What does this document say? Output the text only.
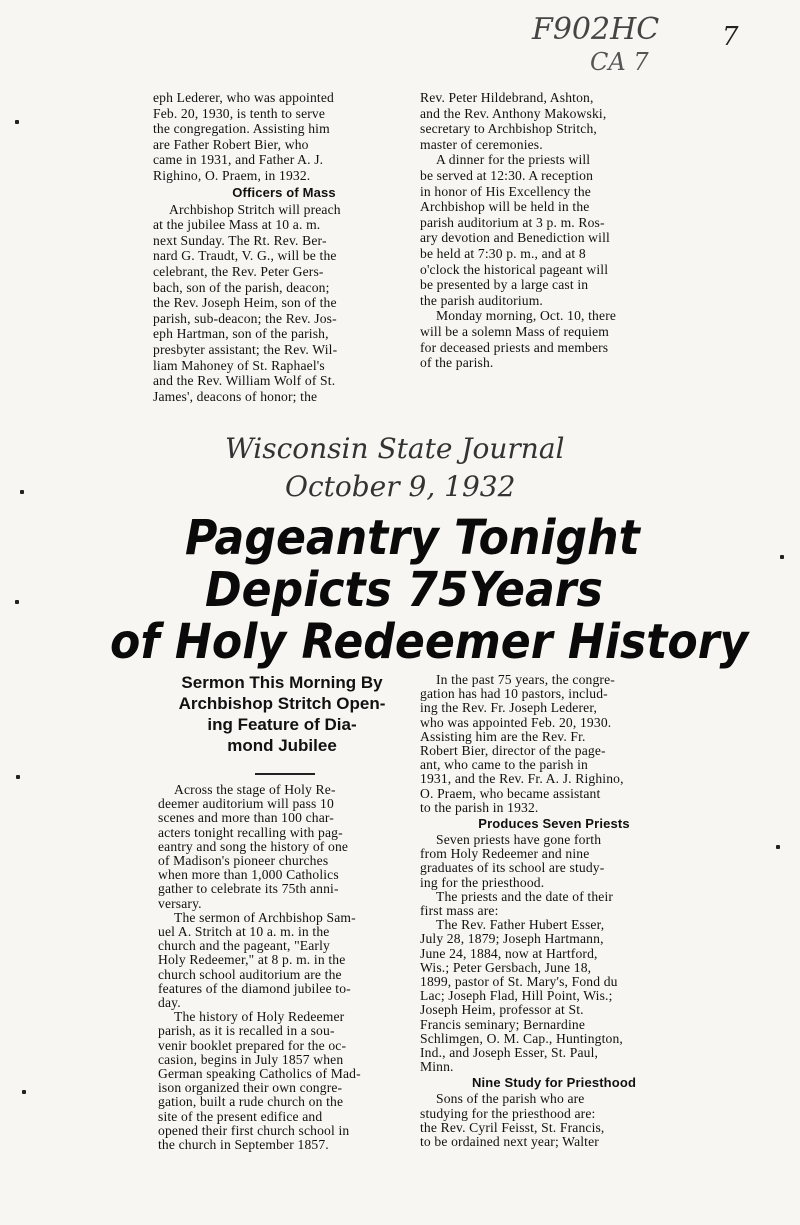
F902HC
CA 7
7

eph Lederer, who was appointed

Feb. 20, 1930, is tenth to serve

the congregation. Assisting him

are Father Robert Bier, who

came in 1931, and Father A. J.

Righino, O. Praem, in 1932.

Officers of Mass

Archbishop Stritch will preach

at the jubilee Mass at 10 a. m.

next Sunday. The Rt. Rev. Ber-

nard G. Traudt, V. G., will be the

celebrant, the Rev. Peter Gers-

bach, son of the parish, deacon;

the Rev. Joseph Heim, son of the

parish, sub-deacon; the Rev. Jos-

eph Hartman, son of the parish,

presbyter assistant; the Rev. Wil-

liam Mahoney of St. Raphael's

and the Rev. William Wolf of St.

James', deacons of honor; the

Rev. Peter Hildebrand, Ashton,

and the Rev. Anthony Makowski,

secretary to Archbishop Stritch,

master of ceremonies.

A dinner for the priests will

be served at 12:30. A reception

in honor of His Excellency the

Archbishop will be held in the

parish auditorium at 3 p. m. Ros-

ary devotion and Benediction will

be held at 7:30 p. m., and at 8

o'clock the historical pageant will

be presented by a large cast in

the parish auditorium.

Monday morning, Oct. 10, there

will be a solemn Mass of requiem

for deceased priests and members

of the parish.

Wisconsin State Journal
October 9, 1932
Pageantry Tonight
Depicts 75Years
of Holy Redeemer History
Sermon This Morning By
Archbishop Stritch Open-
ing Feature of Dia-
mond Jubilee

Across the stage of Holy Re-

deemer auditorium will pass 10

scenes and more than 100 char-

acters tonight recalling with pag-

eantry and song the history of one

of Madison's pioneer churches

when more than 1,000 Catholics

gather to celebrate its 75th anni-

versary.

The sermon of Archbishop Sam-

uel A. Stritch at 10 a. m. in the

church and the pageant, "Early

Holy Redeemer," at 8 p. m. in the

church school auditorium are the

features of the diamond jubilee to-

day.

The history of Holy Redeemer

parish, as it is recalled in a sou-

venir booklet prepared for the oc-

casion, begins in July 1857 when

German speaking Catholics of Mad-

ison organized their own congre-

gation, built a rude church on the

site of the present edifice and

opened their first church school in

the church in September 1857.

In the past 75 years, the congre-

gation has had 10 pastors, includ-

ing the Rev. Fr. Joseph Lederer,

who was appointed Feb. 20, 1930.

Assisting him are the Rev. Fr.

Robert Bier, director of the page-

ant, who came to the parish in

1931, and the Rev. Fr. A. J. Righino,

O. Praem, who became assistant

to the parish in 1932.

Produces Seven Priests

Seven priests have gone forth

from Holy Redeemer and nine

graduates of its school are study-

ing for the priesthood.

The priests and the date of their

first mass are:

The Rev. Father Hubert Esser,

July 28, 1879; Joseph Hartmann,

June 24, 1884, now at Hartford,

Wis.; Peter Gersbach, June 18,

1899, pastor of St. Mary's, Fond du

Lac; Joseph Flad, Hill Point, Wis.;

Joseph Heim, professor at St.

Francis seminary; Bernardine

Schlimgen, O. M. Cap., Huntington,

Ind., and Joseph Esser, St. Paul,

Minn.

Nine Study for Priesthood

Sons of the parish who are

studying for the priesthood are:

the Rev. Cyril Feisst, St. Francis,

to be ordained next year; Walter
